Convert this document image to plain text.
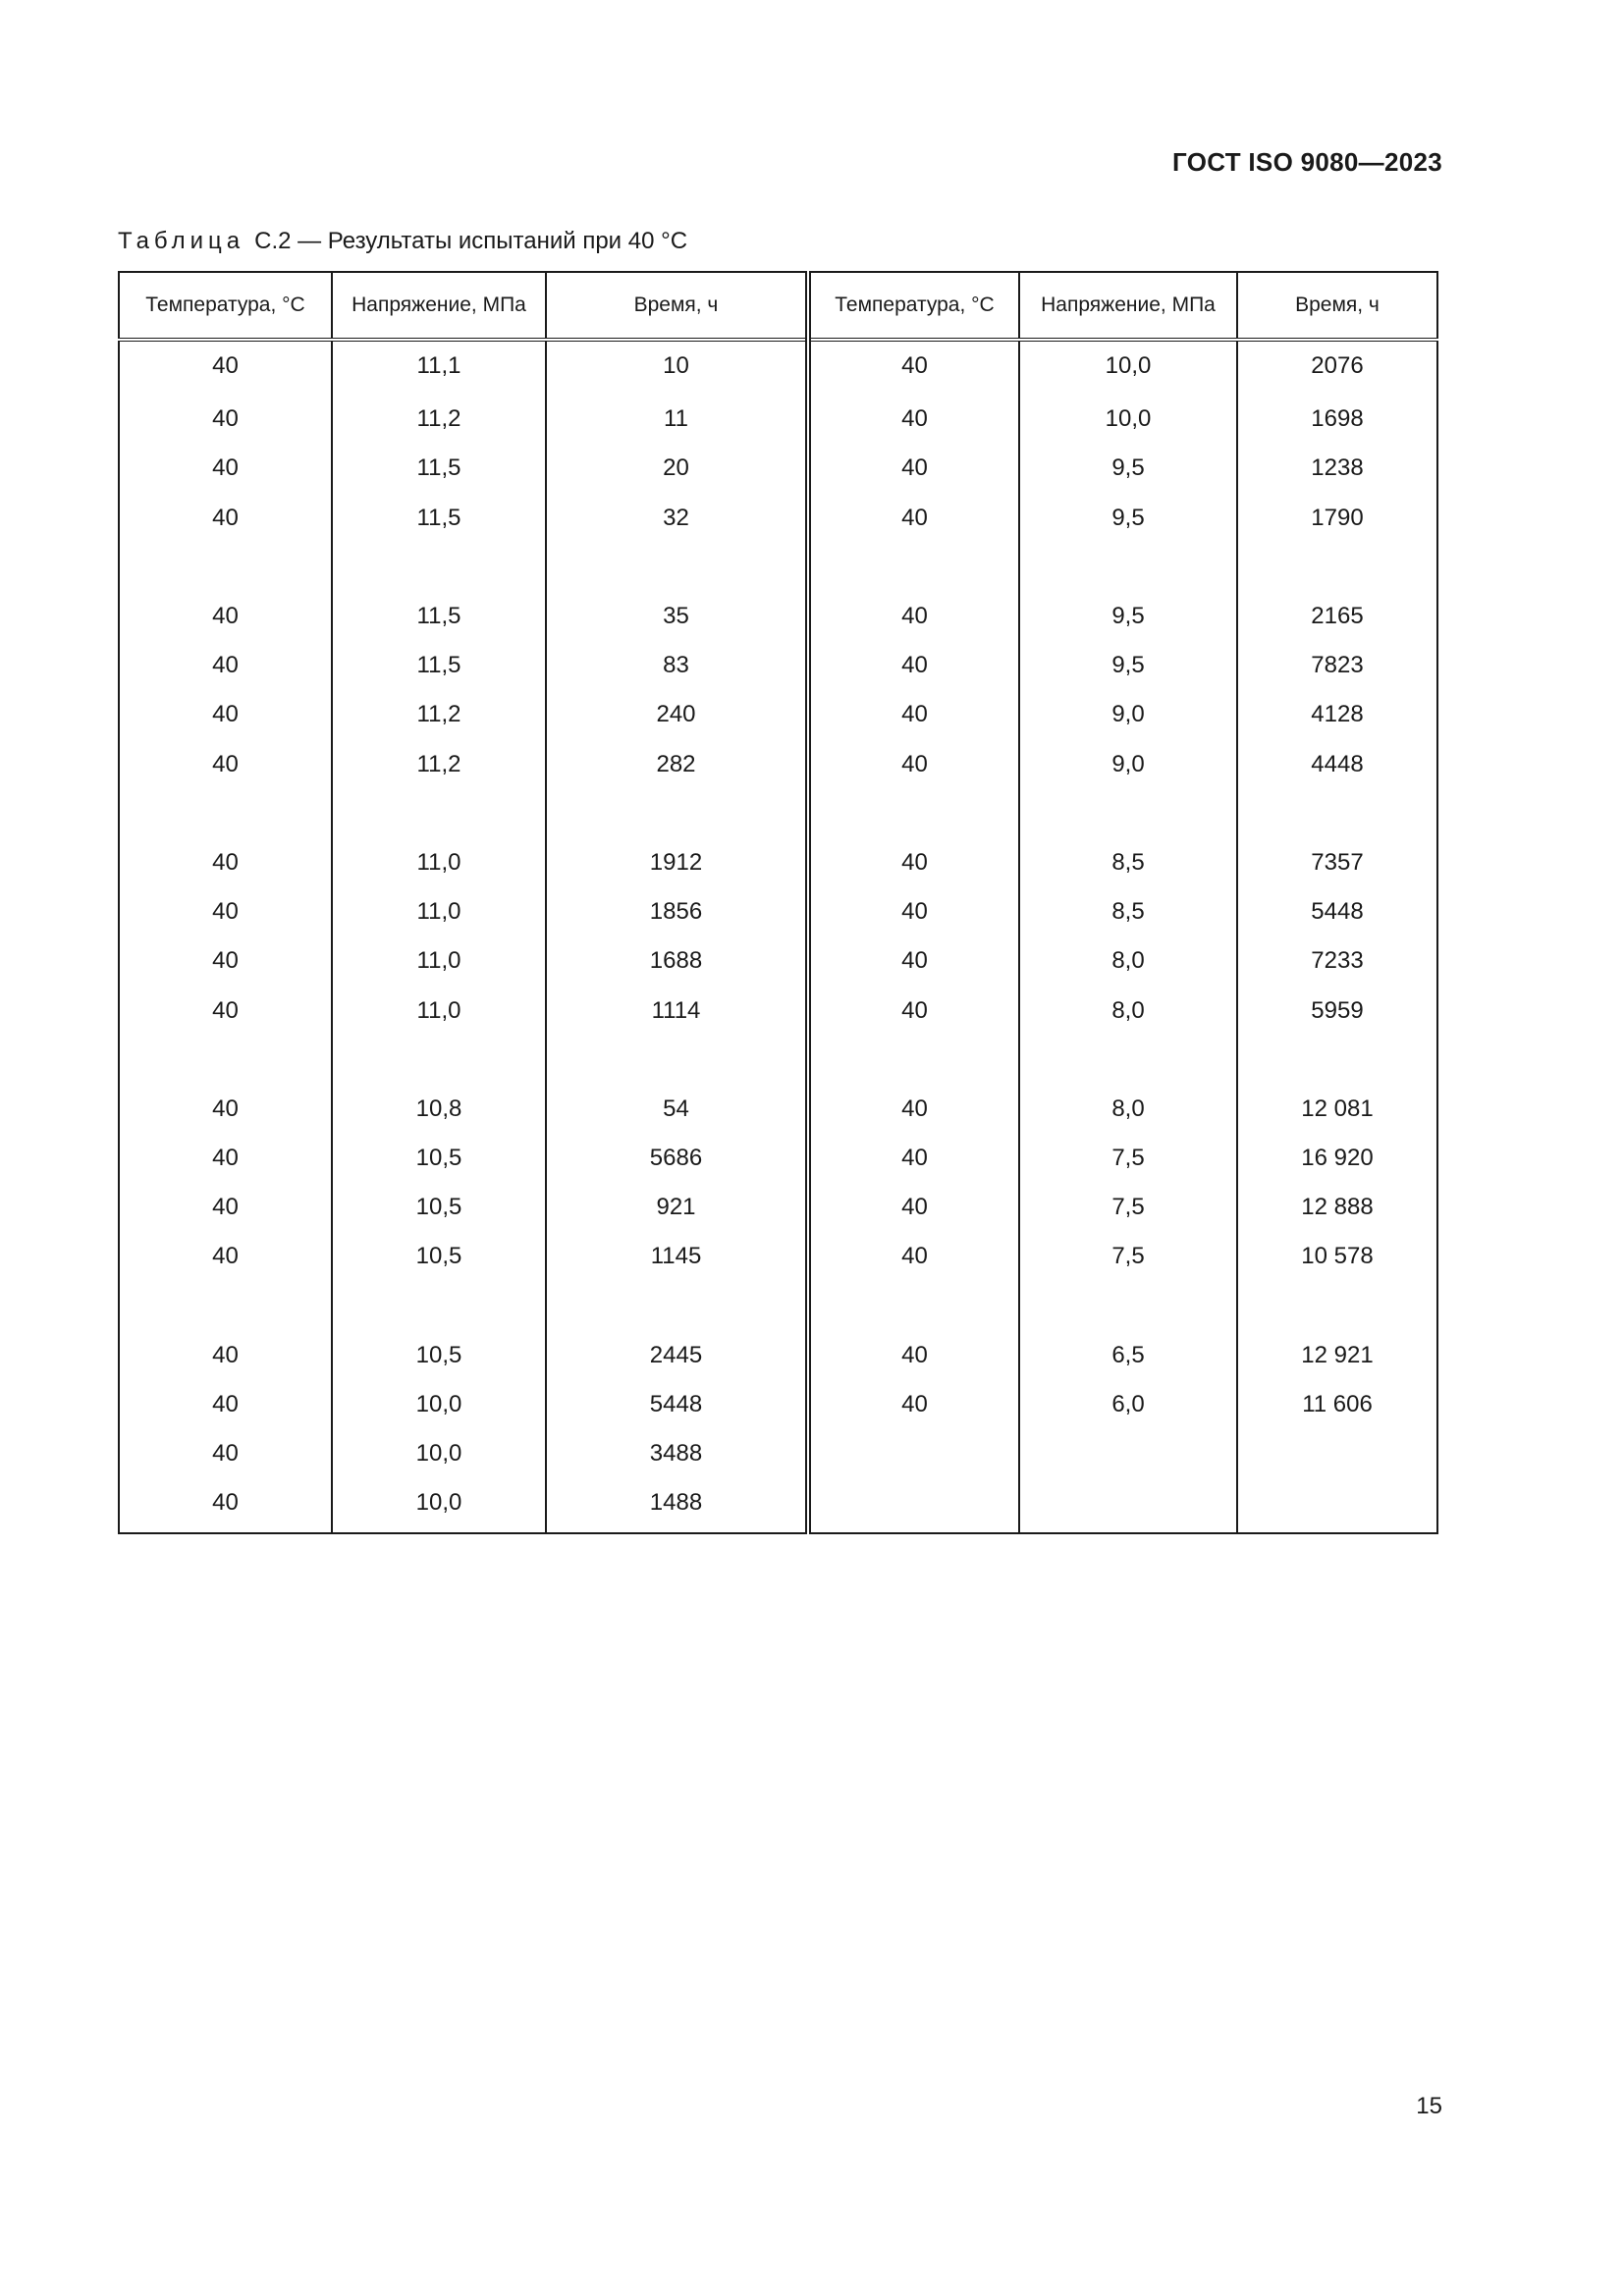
ГОСТ ISO 9080—2023
Таблица С.2 — Результаты испытаний при 40 °C
Температура, °C	Напряжение, МПа	Время, ч	Температура, °C	Напряжение, МПа	Время, ч
40	11,1	10	40	10,0	2076
40	11,2	11	40	10,0	1698
40	11,5	20	40	9,5	1238
40	11,5	32	40	9,5	1790

40	11,5	35	40	9,5	2165
40	11,5	83	40	9,5	7823
40	11,2	240	40	9,0	4128
40	11,2	282	40	9,0	4448

40	11,0	1912	40	8,5	7357
40	11,0	1856	40	8,5	5448
40	11,0	1688	40	8,0	7233
40	11,0	1114	40	8,0	5959

40	10,8	54	40	8,0	12 081
40	10,5	5686	40	7,5	16 920
40	10,5	921	40	7,5	12 888
40	10,5	1145	40	7,5	10 578

40	10,5	2445	40	6,5	12 921
40	10,0	5448	40	6,0	11 606
40	10,0	3488			
40	10,0	1488			
15
